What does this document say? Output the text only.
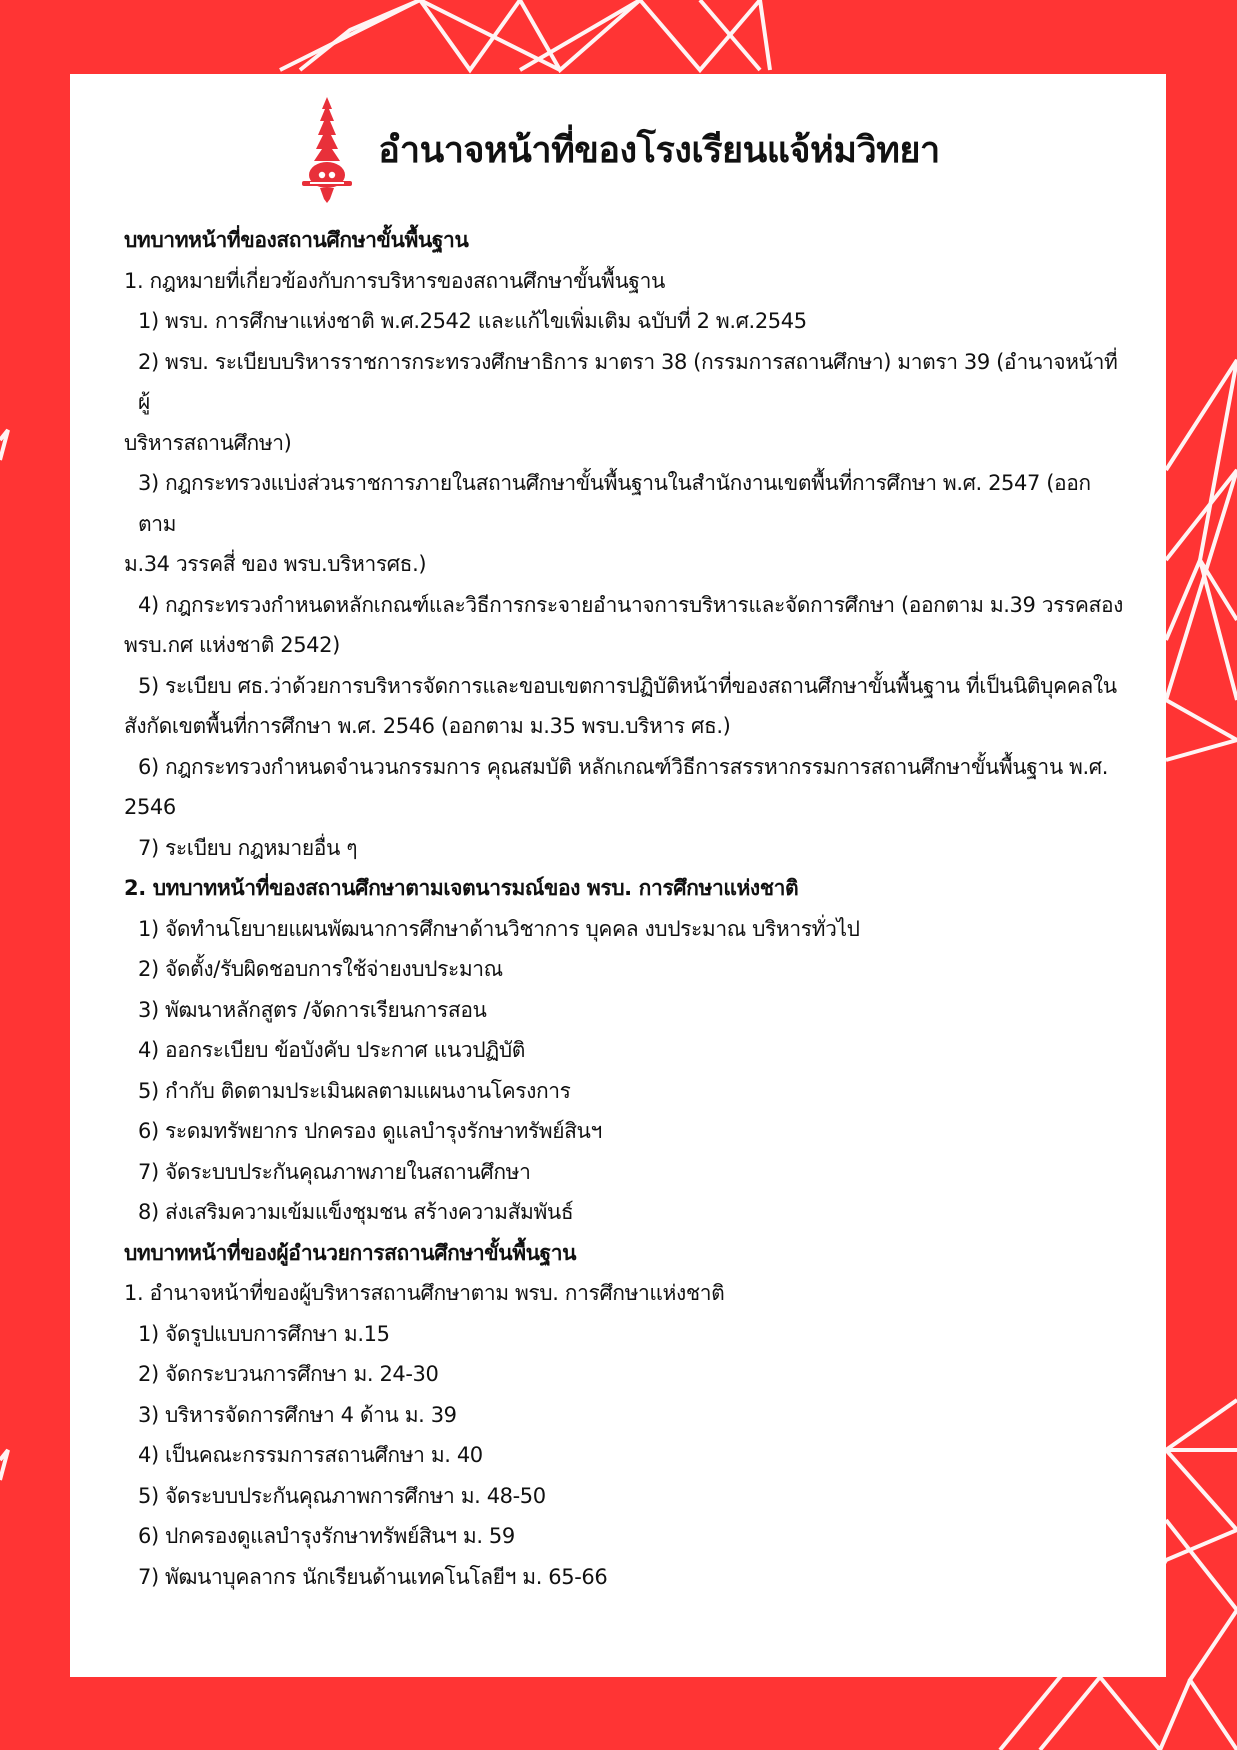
อำนาจหน้าที่ของโรงเรียนแจ้ห่มวิทยา

บทบาทหน้าที่ของสถานศึกษาขั้นพื้นฐาน

1. กฎหมายที่เกี่ยวข้องกับการบริหารของสถานศึกษาขั้นพื้นฐาน

1) พรบ. การศึกษาแห่งชาติ พ.ศ.2542 และแก้ไขเพิ่มเติม ฉบับที่ 2 พ.ศ.2545

2) พรบ. ระเบียบบริหารราชการกระทรวงศึกษาธิการ มาตรา 38 (กรรมการสถานศึกษา) มาตรา 39 (อำนาจหน้าที่ผู้

บริหารสถานศึกษา)

3) กฎกระทรวงแบ่งส่วนราชการภายในสถานศึกษาขั้นพื้นฐานในสำนักงานเขตพื้นที่การศึกษา พ.ศ. 2547 (ออกตาม

ม.34 วรรคสี่ ของ พรบ.บริหารศธ.)

4) กฎกระทรวงกำหนดหลักเกณฑ์และวิธีการกระจายอำนาจการบริหารและจัดการศึกษา (ออกตาม ม.39 วรรคสอง

พรบ.กศ แห่งชาติ 2542)

5) ระเบียบ ศธ.ว่าด้วยการบริหารจัดการและขอบเขตการปฏิบัติหน้าที่ของสถานศึกษาขั้นพื้นฐาน ที่เป็นนิติบุคคลใน

สังกัดเขตพื้นที่การศึกษา พ.ศ. 2546 (ออกตาม ม.35 พรบ.บริหาร ศธ.)

6) กฎกระทรวงกำหนดจำนวนกรรมการ คุณสมบัติ หลักเกณฑ์วิธีการสรรหากรรมการสถานศึกษาขั้นพื้นฐาน พ.ศ.

2546

7) ระเบียบ กฎหมายอื่น ๆ

2. บทบาทหน้าที่ของสถานศึกษาตามเจตนารมณ์ของ พรบ. การศึกษาแห่งชาติ

1) จัดทำนโยบายแผนพัฒนาการศึกษาด้านวิชาการ บุคคล งบประมาณ บริหารทั่วไป

2) จัดตั้ง/รับผิดชอบการใช้จ่ายงบประมาณ

3) พัฒนาหลักสูตร /จัดการเรียนการสอน

4) ออกระเบียบ ข้อบังคับ ประกาศ แนวปฏิบัติ

5) กำกับ ติดตามประเมินผลตามแผนงานโครงการ

6) ระดมทรัพยากร ปกครอง ดูแลบำรุงรักษาทรัพย์สินฯ

7) จัดระบบประกันคุณภาพภายในสถานศึกษา

8) ส่งเสริมความเข้มแข็งชุมชน สร้างความสัมพันธ์

บทบาทหน้าที่ของผู้อำนวยการสถานศึกษาขั้นพื้นฐาน

1. อำนาจหน้าที่ของผู้บริหารสถานศึกษาตาม พรบ. การศึกษาแห่งชาติ

1) จัดรูปแบบการศึกษา ม.15

2) จัดกระบวนการศึกษา ม. 24-30

3) บริหารจัดการศึกษา 4 ด้าน ม. 39

4) เป็นคณะกรรมการสถานศึกษา ม. 40

5) จัดระบบประกันคุณภาพการศึกษา ม. 48-50

6) ปกครองดูแลบำรุงรักษาทรัพย์สินฯ ม. 59

7) พัฒนาบุคลากร นักเรียนด้านเทคโนโลยีฯ ม. 65-66
